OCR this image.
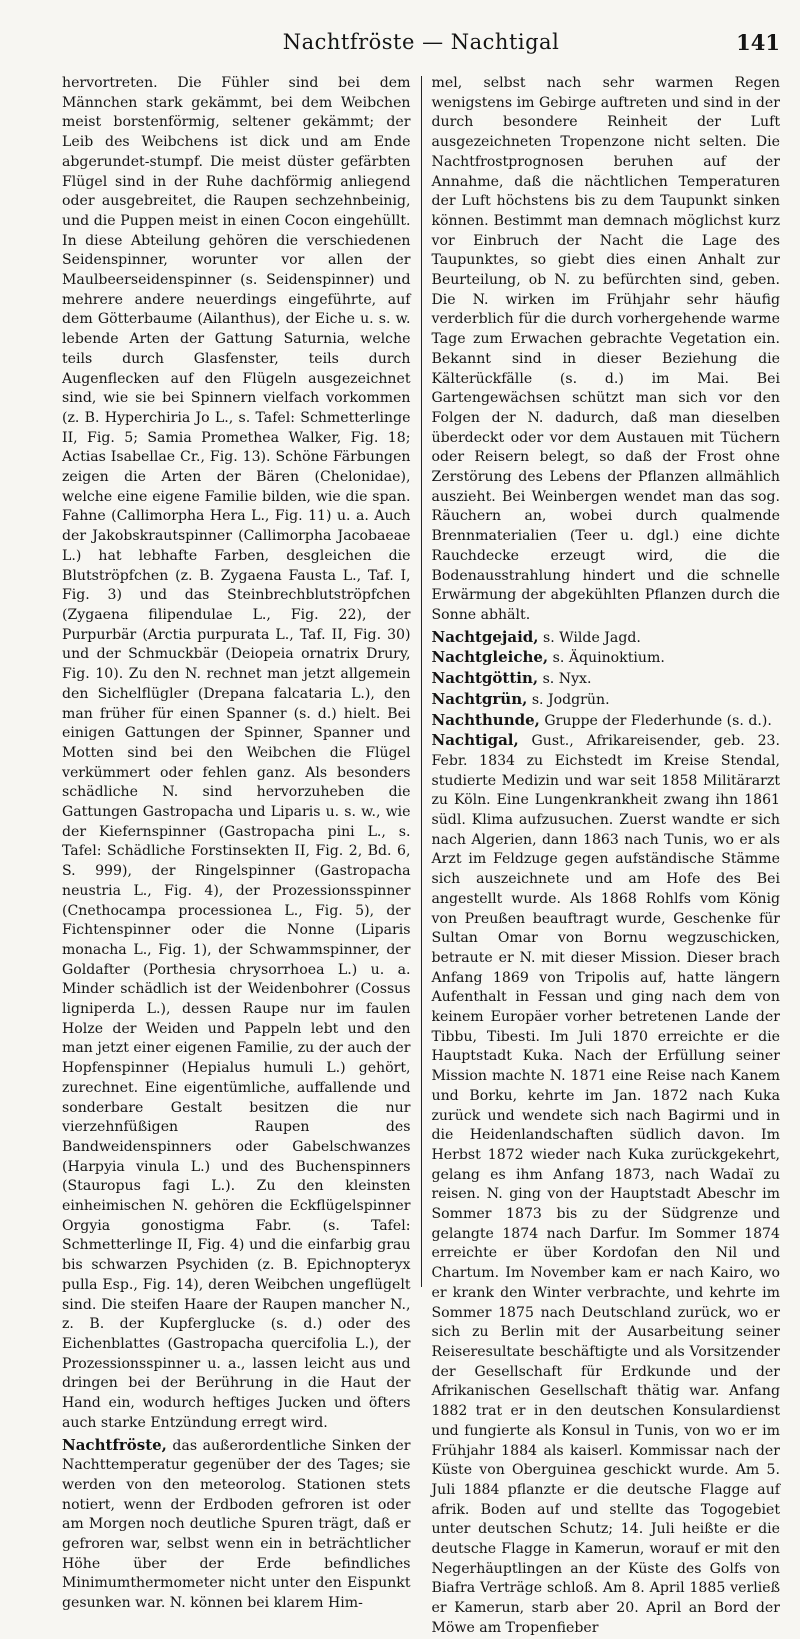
Nachtfröste — Nachtigal	141

hervortreten. Die Fühler sind bei dem Männchen stark gekämmt, bei dem Weibchen meist borstenförmig, seltener gekämmt; der Leib des Weibchens ist dick und am Ende abgerundet-stumpf. Die meist düster gefärbten Flügel sind in der Ruhe dachförmig anliegend oder ausgebreitet, die Raupen sechzehnbeinig, und die Puppen meist in einen Cocon eingehüllt. In diese Abteilung gehören die verschiedenen Seidenspinner, worunter vor allen der Maulbeerseidenspinner (s. Seidenspinner) und mehrere andere neuerdings eingeführte, auf dem Götterbaume (Ailanthus), der Eiche u. s. w. lebende Arten der Gattung Saturnia, welche teils durch Glasfenster, teils durch Augenflecken auf den Flügeln ausgezeichnet sind, wie sie bei Spinnern vielfach vorkommen (z. B. Hyperchiria Jo L., s. Tafel: Schmetterlinge II, Fig. 5; Samia Promethea Walker, Fig. 18; Actias Isabellae Cr., Fig. 13). Schöne Färbungen zeigen die Arten der Bären (Chelonidae), welche eine eigene Familie bilden, wie die span. Fahne (Callimorpha Hera L., Fig. 11) u. a. Auch der Jakobskrautspinner (Callimorpha Jacobaeae L.) hat lebhafte Farben, desgleichen die Blutströpfchen (z. B. Zygaena Fausta L., Taf. I, Fig. 3) und das Steinbrechblutströpfchen (Zygaena filipendulae L., Fig. 22), der Purpurbär (Arctia purpurata L., Taf. II, Fig. 30) und der Schmuckbär (Deiopeia ornatrix Drury, Fig. 10). Zu den N. rechnet man jetzt allgemein den Sichelflügler (Drepana falcataria L.), den man früher für einen Spanner (s. d.) hielt. Bei einigen Gattungen der Spinner, Spanner und Motten sind bei den Weibchen die Flügel verkümmert oder fehlen ganz. Als besonders schädliche N. sind hervorzuheben die Gattungen Gastropacha und Liparis u. s. w., wie der Kiefernspinner (Gastropacha pini L., s. Tafel: Schädliche Forstinsekten II, Fig. 2, Bd. 6, S. 999), der Ringelspinner (Gastropacha neustria L., Fig. 4), der Prozessionsspinner (Cnethocampa processionea L., Fig. 5), der Fichtenspinner oder die Nonne (Liparis monacha L., Fig. 1), der Schwammspinner, der Goldafter (Porthesia chrysorrhoea L.) u. a. Minder schädlich ist der Weidenbohrer (Cossus ligniperda L.), dessen Raupe nur im faulen Holze der Weiden und Pappeln lebt und den man jetzt einer eigenen Familie, zu der auch der Hopfenspinner (Hepialus humuli L.) gehört, zurechnet. Eine eigentümliche, auffallende und sonderbare Gestalt besitzen die nur vierzehnfüßigen Raupen des Bandweidenspinners oder Gabelschwanzes (Harpyia vinula L.) und des Buchenspinners (Stauropus fagi L.). Zu den kleinsten einheimischen N. gehören die Eckflügelspinner Orgyia gonostigma Fabr. (s. Tafel: Schmetterlinge II, Fig. 4) und die einfarbig grau bis schwarzen Psychiden (z. B. Epichnopteryx pulla Esp., Fig. 14), deren Weibchen ungeflügelt sind. Die steifen Haare der Raupen mancher N., z. B. der Kupferglucke (s. d.) oder des Eichenblattes (Gastropacha quercifolia L.), der Prozessionsspinner u. a., lassen leicht aus und dringen bei der Berührung in die Haut der Hand ein, wodurch heftiges Jucken und öfters auch starke Entzündung erregt wird.

Nachtfröste, das außerordentliche Sinken der Nachttemperatur gegenüber der des Tages; sie werden von den meteorolog. Stationen stets notiert, wenn der Erdboden gefroren ist oder am Morgen noch deutliche Spuren trägt, daß er gefroren war, selbst wenn ein in beträchtlicher Höhe über der Erde befindliches Minimumthermometer nicht unter den Eispunkt gesunken war. N. können bei klarem Him-

mel, selbst nach sehr warmen Regen wenigstens im Gebirge auftreten und sind in der durch besondere Reinheit der Luft ausgezeichneten Tropenzone nicht selten. Die Nachtfrostprognosen beruhen auf der Annahme, daß die nächtlichen Temperaturen der Luft höchstens bis zu dem Taupunkt sinken können. Bestimmt man demnach möglichst kurz vor Einbruch der Nacht die Lage des Taupunktes, so giebt dies einen Anhalt zur Beurteilung, ob N. zu befürchten sind, geben. Die N. wirken im Frühjahr sehr häufig verderblich für die durch vorhergehende warme Tage zum Erwachen gebrachte Vegetation ein. Bekannt sind in dieser Beziehung die Kälterückfälle (s. d.) im Mai. Bei Gartengewächsen schützt man sich vor den Folgen der N. dadurch, daß man dieselben überdeckt oder vor dem Austauen mit Tüchern oder Reisern belegt, so daß der Frost ohne Zerstörung des Lebens der Pflanzen allmählich auszieht. Bei Weinbergen wendet man das sog. Räuchern an, wobei durch qualmende Brennmaterialien (Teer u. dgl.) eine dichte Rauchdecke erzeugt wird, die die Bodenausstrahlung hindert und die schnelle Erwärmung der abgekühlten Pflanzen durch die Sonne abhält.

Nachtgejaid, s. Wilde Jagd.

Nachtgleiche, s. Äquinoktium.

Nachtgöttin, s. Nyx.

Nachtgrün, s. Jodgrün.

Nachthunde, Gruppe der Flederhunde (s. d.).

Nachtigal, Gust., Afrikareisender, geb. 23. Febr. 1834 zu Eichstedt im Kreise Stendal, studierte Medizin und war seit 1858 Militärarzt zu Köln. Eine Lungenkrankheit zwang ihn 1861 südl. Klima aufzusuchen. Zuerst wandte er sich nach Algerien, dann 1863 nach Tunis, wo er als Arzt im Feldzuge gegen aufständische Stämme sich auszeichnete und am Hofe des Bei angestellt wurde. Als 1868 Rohlfs vom König von Preußen beauftragt wurde, Geschenke für Sultan Omar von Bornu wegzuschicken, betraute er N. mit dieser Mission. Dieser brach Anfang 1869 von Tripolis auf, hatte längern Aufenthalt in Fessan und ging nach dem von keinem Europäer vorher betretenen Lande der Tibbu, Tibesti. Im Juli 1870 erreichte er die Hauptstadt Kuka. Nach der Erfüllung seiner Mission machte N. 1871 eine Reise nach Kanem und Borku, kehrte im Jan. 1872 nach Kuka zurück und wendete sich nach Bagirmi und in die Heidenlandschaften südlich davon. Im Herbst 1872 wieder nach Kuka zurückgekehrt, gelang es ihm Anfang 1873, nach Wadaï zu reisen. N. ging von der Hauptstadt Abeschr im Sommer 1873 bis zu der Südgrenze und gelangte 1874 nach Darfur. Im Sommer 1874 erreichte er über Kordofan den Nil und Chartum. Im November kam er nach Kairo, wo er krank den Winter verbrachte, und kehrte im Sommer 1875 nach Deutschland zurück, wo er sich zu Berlin mit der Ausarbeitung seiner Reiseresultate beschäftigte und als Vorsitzender der Gesellschaft für Erdkunde und der Afrikanischen Gesellschaft thätig war. Anfang 1882 trat er in den deutschen Konsulardienst und fungierte als Konsul in Tunis, von wo er im Frühjahr 1884 als kaiserl. Kommissar nach der Küste von Oberguinea geschickt wurde. Am 5. Juli 1884 pflanzte er die deutsche Flagge auf afrik. Boden auf und stellte das Togogebiet unter deutschen Schutz; 14. Juli heißte er die deutsche Flagge in Kamerun, worauf er mit den Negerhäuptlingen an der Küste des Golfs von Biafra Verträge schloß. Am 8. April 1885 verließ er Kamerun, starb aber 20. April an Bord der Möwe am Tropenfieber
